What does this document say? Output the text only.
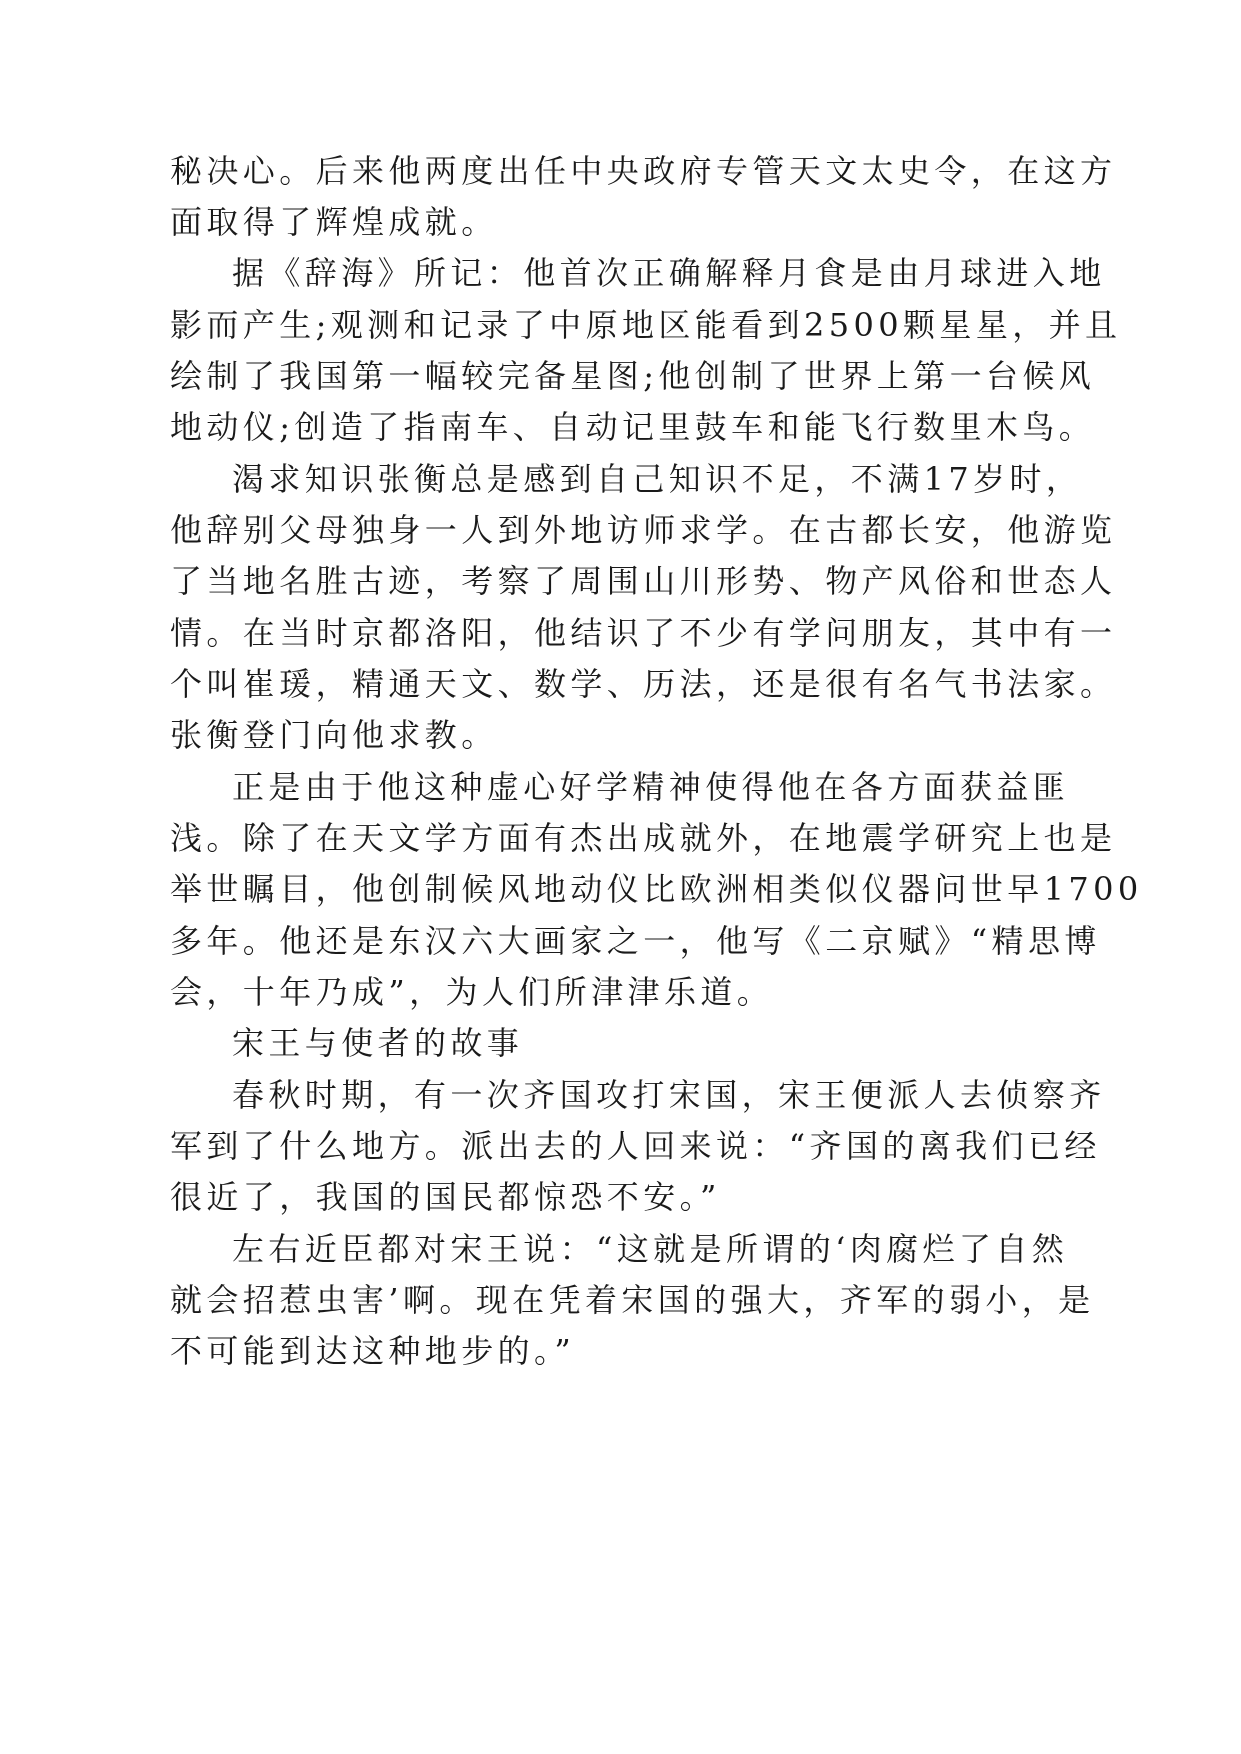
秘决心。后来他两度出任中央政府专管天文太史令，在这方
面取得了辉煌成就。
据《辞海》所记：他首次正确解释月食是由月球进入地
影而产生;观测和记录了中原地区能看到2500颗星星，并且
绘制了我国第一幅较完备星图;他创制了世界上第一台候风
地动仪;创造了指南车、自动记里鼓车和能飞行数里木鸟。
渴求知识张衡总是感到自己知识不足，不满17岁时，
他辞别父母独身一人到外地访师求学。在古都长安，他游览
了当地名胜古迹，考察了周围山川形势、物产风俗和世态人
情。在当时京都洛阳，他结识了不少有学问朋友，其中有一
个叫崔瑗，精通天文、数学、历法，还是很有名气书法家。
张衡登门向他求教。
正是由于他这种虚心好学精神使得他在各方面获益匪
浅。除了在天文学方面有杰出成就外，在地震学研究上也是
举世瞩目，他创制候风地动仪比欧洲相类似仪器问世早1700
多年。他还是东汉六大画家之一，他写《二京赋》“精思博
会，十年乃成”，为人们所津津乐道。
宋王与使者的故事
春秋时期，有一次齐国攻打宋国，宋王便派人去侦察齐
军到了什么地方。派出去的人回来说：“齐国的离我们已经
很近了，我国的国民都惊恐不安。”
左右近臣都对宋王说：“这就是所谓的‘肉腐烂了自然
就会招惹虫害’啊。现在凭着宋国的强大，齐军的弱小，是
不可能到达这种地步的。”
